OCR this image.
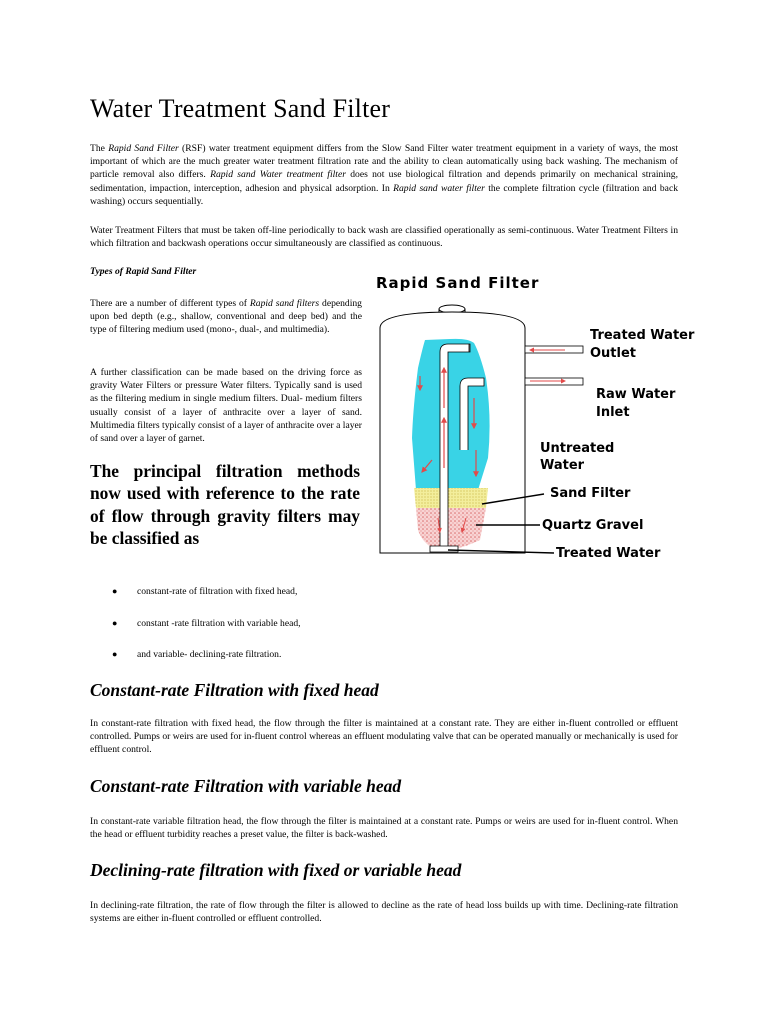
Water Treatment Sand Filter

The Rapid Sand Filter (RSF) water treatment equipment differs from the Slow Sand Filter water treatment equipment in a variety of ways, the most important of which are the much greater water treatment filtration rate and the ability to clean automatically using back washing. The mechanism of particle removal also differs. Rapid sand Water treatment filter does not use biological filtration and depends primarily on mechanical straining, sedimentation, impaction, interception, adhesion and physical adsorption. In Rapid sand water filter the complete filtration cycle (filtration and back washing) occurs sequentially.

Water Treatment Filters that must be taken off-line periodically to back wash are classified operationally as semi-continuous. Water Treatment Filters in which filtration and backwash operations occur simultaneously are classified as continuous.

Types of Rapid Sand Filter

There are a number of different types of Rapid sand filters depending upon bed depth (e.g., shallow, conventional and deep bed) and the type of filtering medium used (mono-, dual-, and multimedia).

A further classification can be made based on the driving force as gravity Water Filters or pressure Water filters. Typically sand is used as the filtering medium in single medium filters. Dual- medium filters usually consist of a layer of anthracite over a layer of sand. Multimedia filters typically consist of a layer of anthracite over a layer of sand over a layer of garnet.

The principal filtration methods now used with reference to the rate of flow through gravity filters may be classified as

Rapid Sand Filter
Treated Water
Outlet
Raw Water
Inlet
Untreated
Water
Sand Filter
Quartz Gravel
Treated Water
● constant-rate of filtration with fixed head,
● constant -rate filtration with variable head,
● and variable- declining-rate filtration.
Constant-rate Filtration with fixed head

In constant-rate filtration with fixed head, the flow through the filter is maintained at a constant rate. They are either in-fluent controlled or effluent controlled. Pumps or weirs are used for in-fluent control whereas an effluent modulating valve that can be operated manually or mechanically is used for effluent control.

Constant-rate Filtration with variable head

In constant-rate variable filtration head, the flow through the filter is maintained at a constant rate. Pumps or weirs are used for in-fluent control. When the head or effluent turbidity reaches a preset value, the filter is back-washed.

Declining-rate filtration with fixed or variable head

In declining-rate filtration, the rate of flow through the filter is allowed to decline as the rate of head loss builds up with time. Declining-rate filtration systems are either in-fluent controlled or effluent controlled.
